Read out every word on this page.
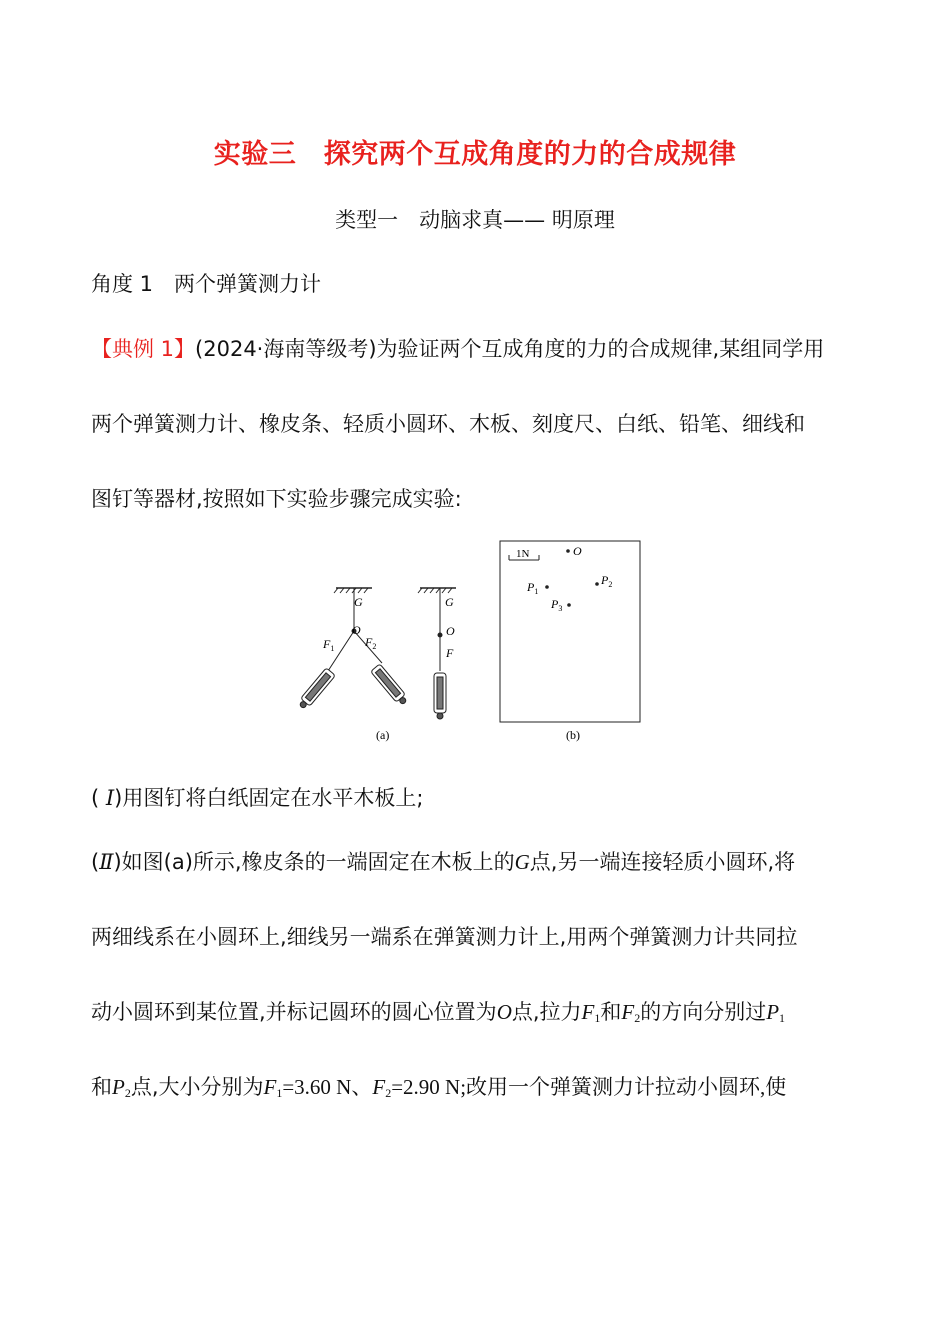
实验三　探究两个互成角度的力的合成规律
类型一　动脑求真—— 明原理
角度 1　两个弹簧测力计
【典例 1】(2024·海南等级考)为验证两个互成角度的力的合成规律,某组同学用
两个弹簧测力计、橡皮条、轻质小圆环、木板、刻度尺、白纸、铅笔、细线和
图钉等器材,按照如下实验步骤完成实验:
G
O
$F_1$	$F_2$
G
O
F
(a)
1N	O
$P_1$
$P_2$
$P_3$
(b)
( Ⅰ)用图钉将白纸固定在水平木板上;
(Ⅱ)如图(a)所示,橡皮条的一端固定在木板上的G点,另一端连接轻质小圆环,将
两细线系在小圆环上,细线另一端系在弹簧测力计上,用两个弹簧测力计共同拉
动小圆环到某位置,并标记圆环的圆心位置为O点,拉力$F_1$和$F_2$的方向分别过$P_1$
和$P_2$点,大小分别为$F_1=3.60$ N、$F_2=2.90$ N;改用一个弹簧测力计拉动小圆环,使
